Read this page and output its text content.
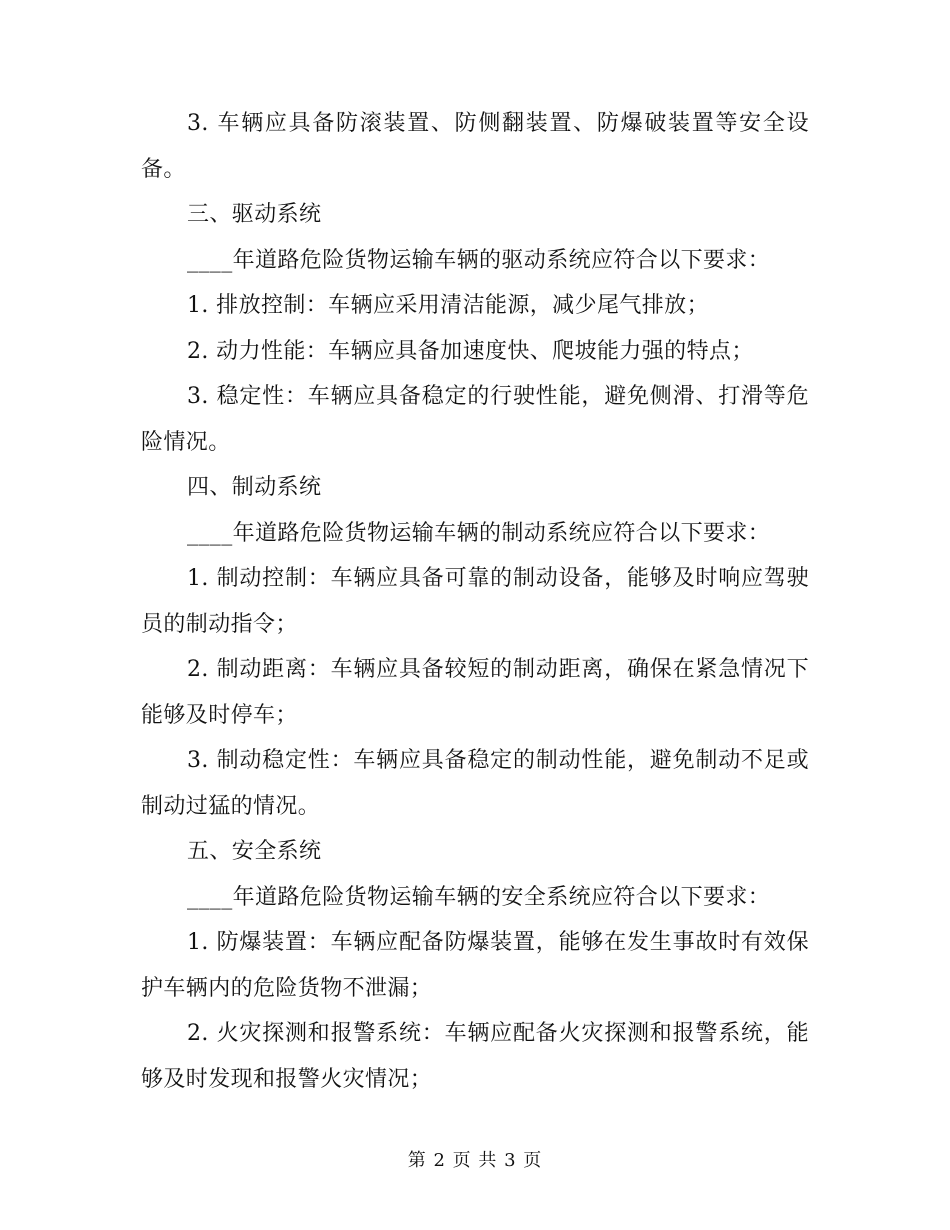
3. 车辆应具备防滚装置、防侧翻装置、防爆破装置等安全设备。

三、驱动系统

____年道路危险货物运输车辆的驱动系统应符合以下要求：

1. 排放控制：车辆应采用清洁能源，减少尾气排放；

2. 动力性能：车辆应具备加速度快、爬坡能力强的特点；

3. 稳定性：车辆应具备稳定的行驶性能，避免侧滑、打滑等危险情况。

四、制动系统

____年道路危险货物运输车辆的制动系统应符合以下要求：

1. 制动控制：车辆应具备可靠的制动设备，能够及时响应驾驶员的制动指令；

2. 制动距离：车辆应具备较短的制动距离，确保在紧急情况下能够及时停车；

3. 制动稳定性：车辆应具备稳定的制动性能，避免制动不足或制动过猛的情况。

五、安全系统

____年道路危险货物运输车辆的安全系统应符合以下要求：

1. 防爆装置：车辆应配备防爆装置，能够在发生事故时有效保护车辆内的危险货物不泄漏；

2. 火灾探测和报警系统：车辆应配备火灾探测和报警系统，能够及时发现和报警火灾情况；

第 2 页 共 3 页
